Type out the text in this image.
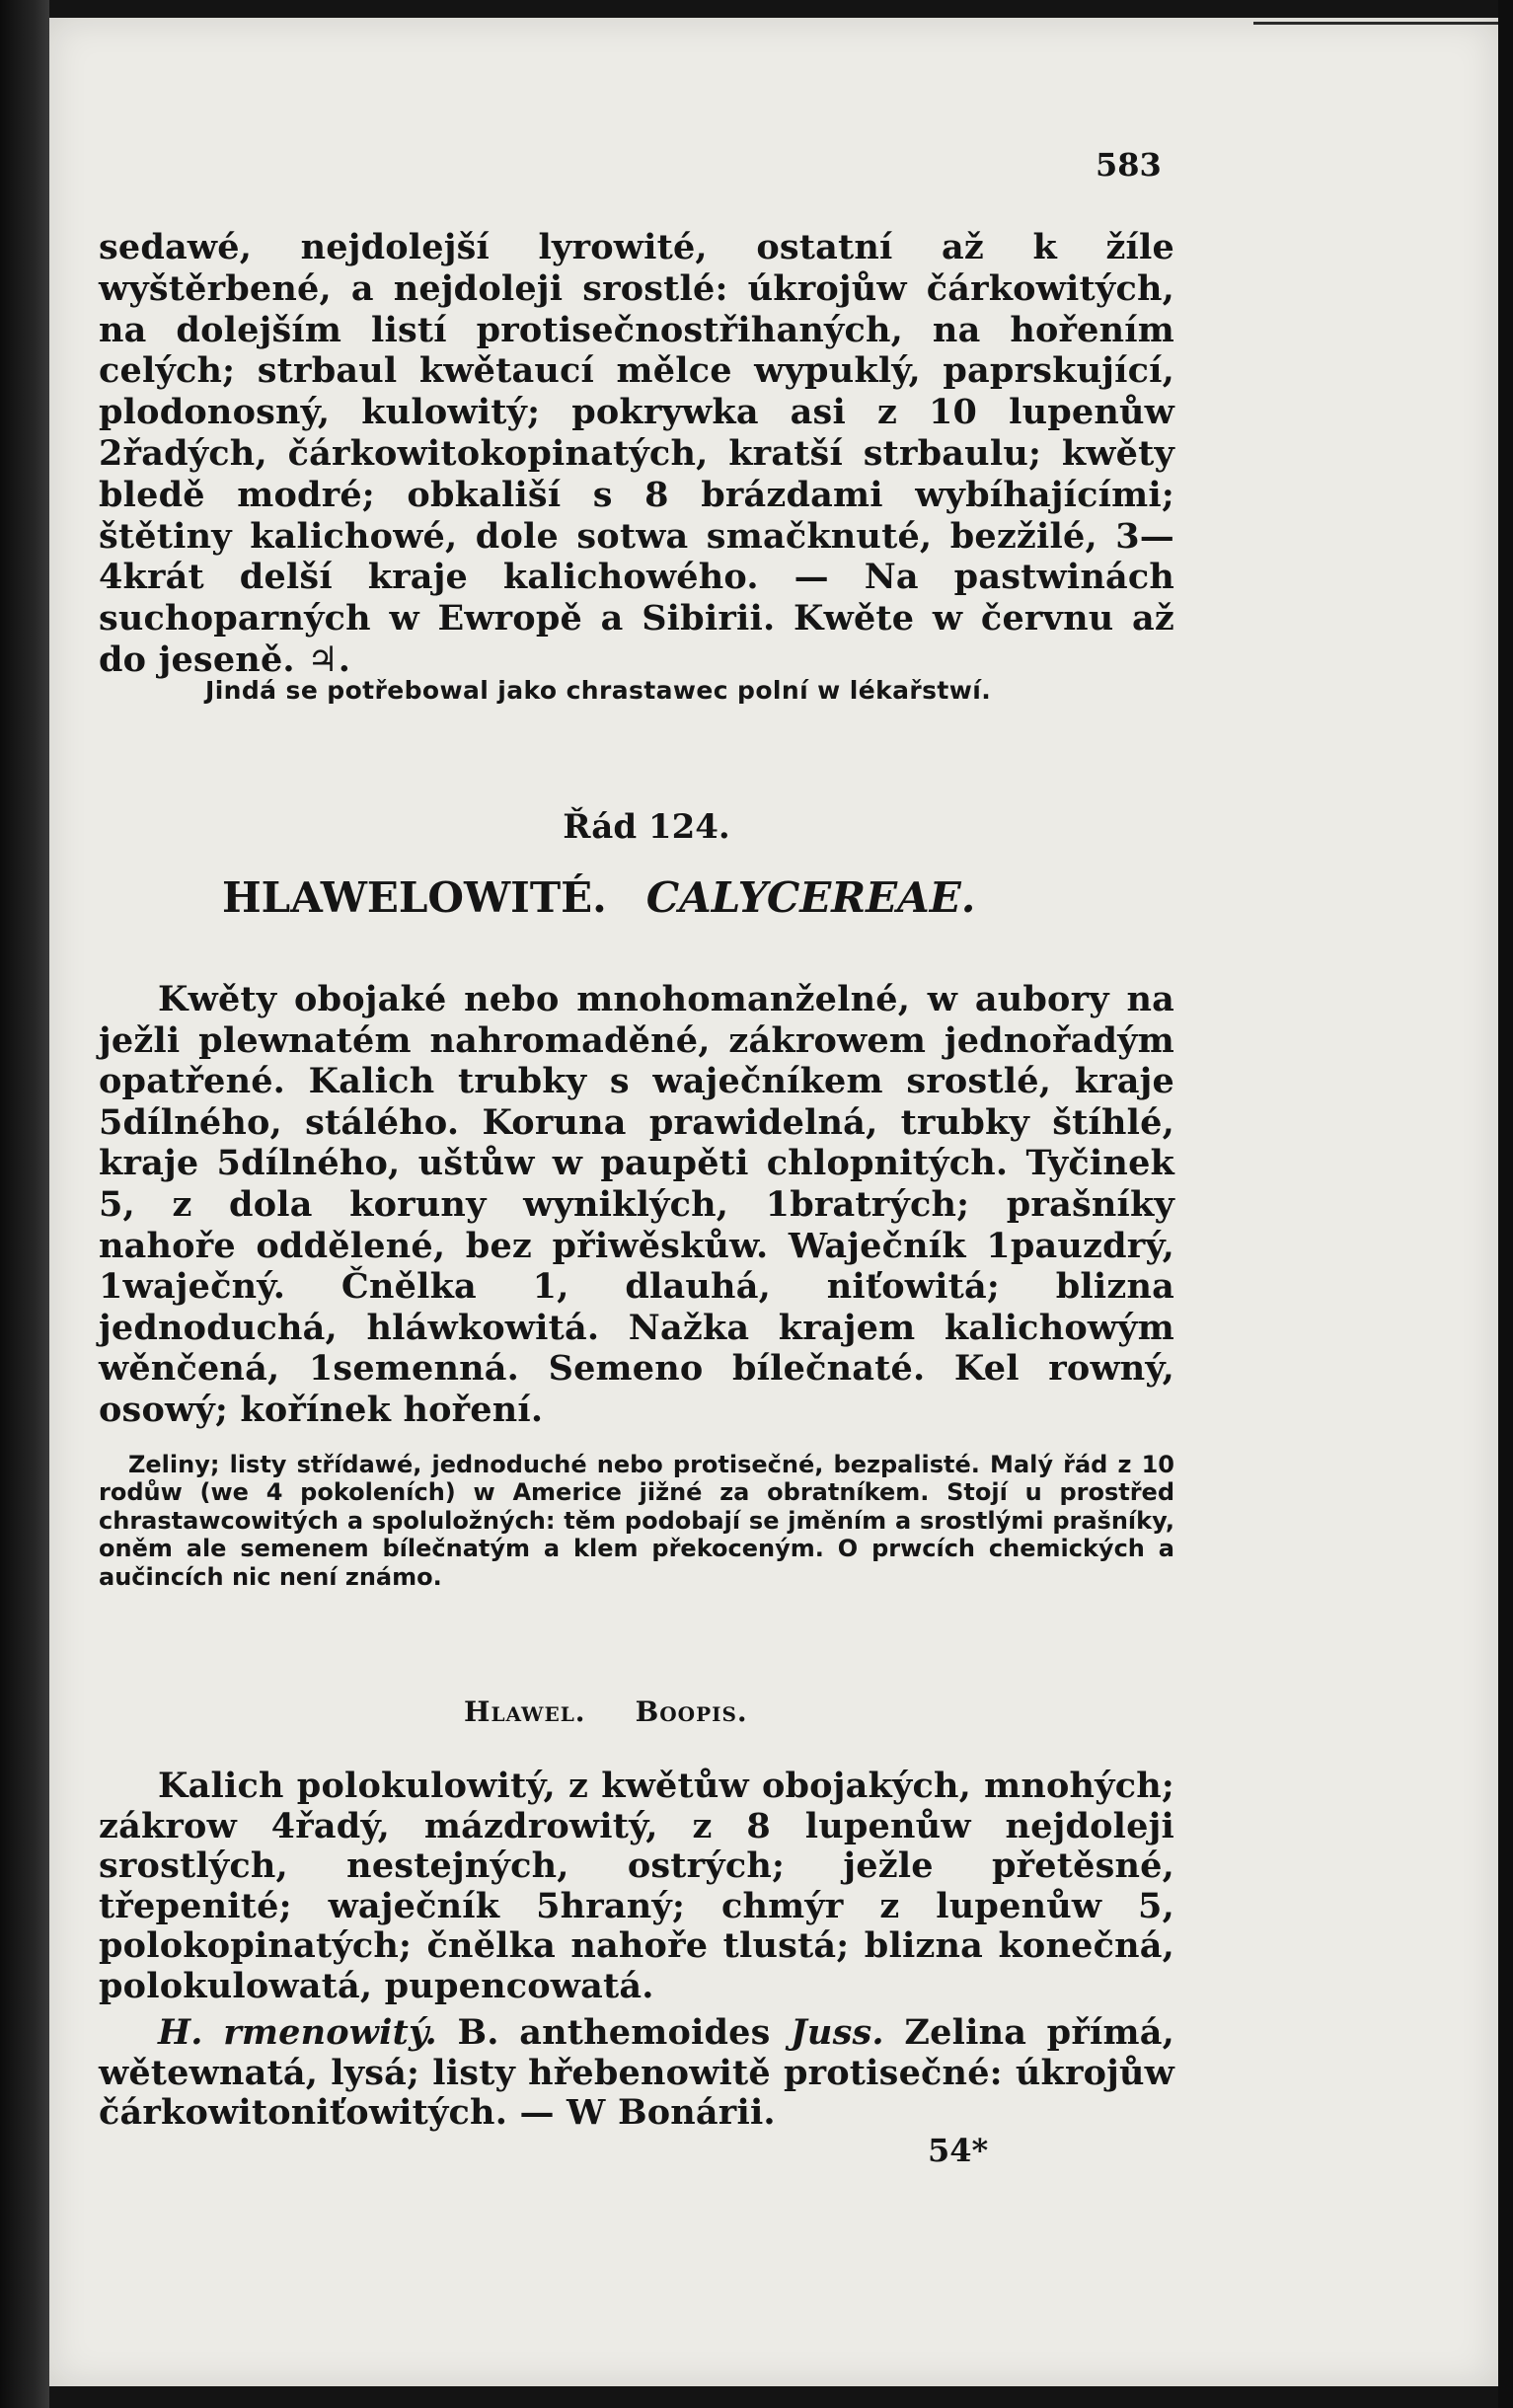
583
sedawé, nejdolejší lyrowité, ostatní až k žíle wyštěrbené, a nejdoleji srostlé: úkrojůw čárkowitých, na dolejším listí protisečnostřihaných, na hořením celých; strbaul kwětaucí mělce wypuklý, paprskující, plodonosný, kulowitý; pokrywka asi z 10 lupenůw 2řadých, čárkowitokopinatých, kratší strbaulu; kwěty bledě modré; obkališí s 8 brázdami wybíhajícími; štětiny kalichowé, dole sotwa smačknuté, bezžilé, 3—4krát delší kraje kalichowého. — Na pastwinách suchoparných w Ewropě a Sibirii. Kwěte w červnu až do jeseně. ♃.
Jindá se potřebowal jako chrastawec polní w lékařstwí.
Řád 124.
HLAWELOWITÉ. CALYCEREAE.
Kwěty obojaké nebo mnohomanželné, w aubory na ježli plewnatém nahromaděné, zákrowem jednořadým opatřené. Kalich trubky s waječníkem srostlé, kraje 5dílného, stálého. Koruna prawidelná, trubky štíhlé, kraje 5dílného, uštůw w paupěti chlopnitých. Tyčinek 5, z dola koruny wyniklých, 1bratrých; prašníky nahoře oddělené, bez přiwěskůw. Waječník 1pauzdrý, 1waječný. Čnělka 1, dlauhá, niťowitá; blizna jednoduchá, hláwkowitá. Nažka krajem kalichowým wěnčená, 1semenná. Semeno bílečnaté. Kel rowný, osowý; kořínek hoření.
Zeliny; listy střídawé, jednoduché nebo protisečné, bezpalisté. Malý řád z 10 rodůw (we 4 pokoleních) w Americe jižné za obratníkem. Stojí u prostřed chrastawcowitých a spoluložných: těm podobají se jměním a srostlými prašníky, oněm ale semenem bílečnatým a klem překoceným. O prwcích chemických a aučincích nic není známo.
Hlawel. Boopis.
Kalich polokulowitý, z kwětůw obojakých, mnohých; zákrow 4řadý, mázdrowitý, z 8 lupenůw nejdoleji srostlých, nestejných, ostrých; ježle přetěsné, třepenité; waječník 5hraný; chmýr z lupenůw 5, polokopinatých; čnělka nahoře tlustá; blizna konečná, polokulowatá, pupencowatá.
H. rmenowitý. B. anthemoides Juss. Zelina přímá, wětewnatá, lysá; listy hřebenowitě protisečné: úkrojůw čárkowitoniťowitých. — W Bonárii.
54*
